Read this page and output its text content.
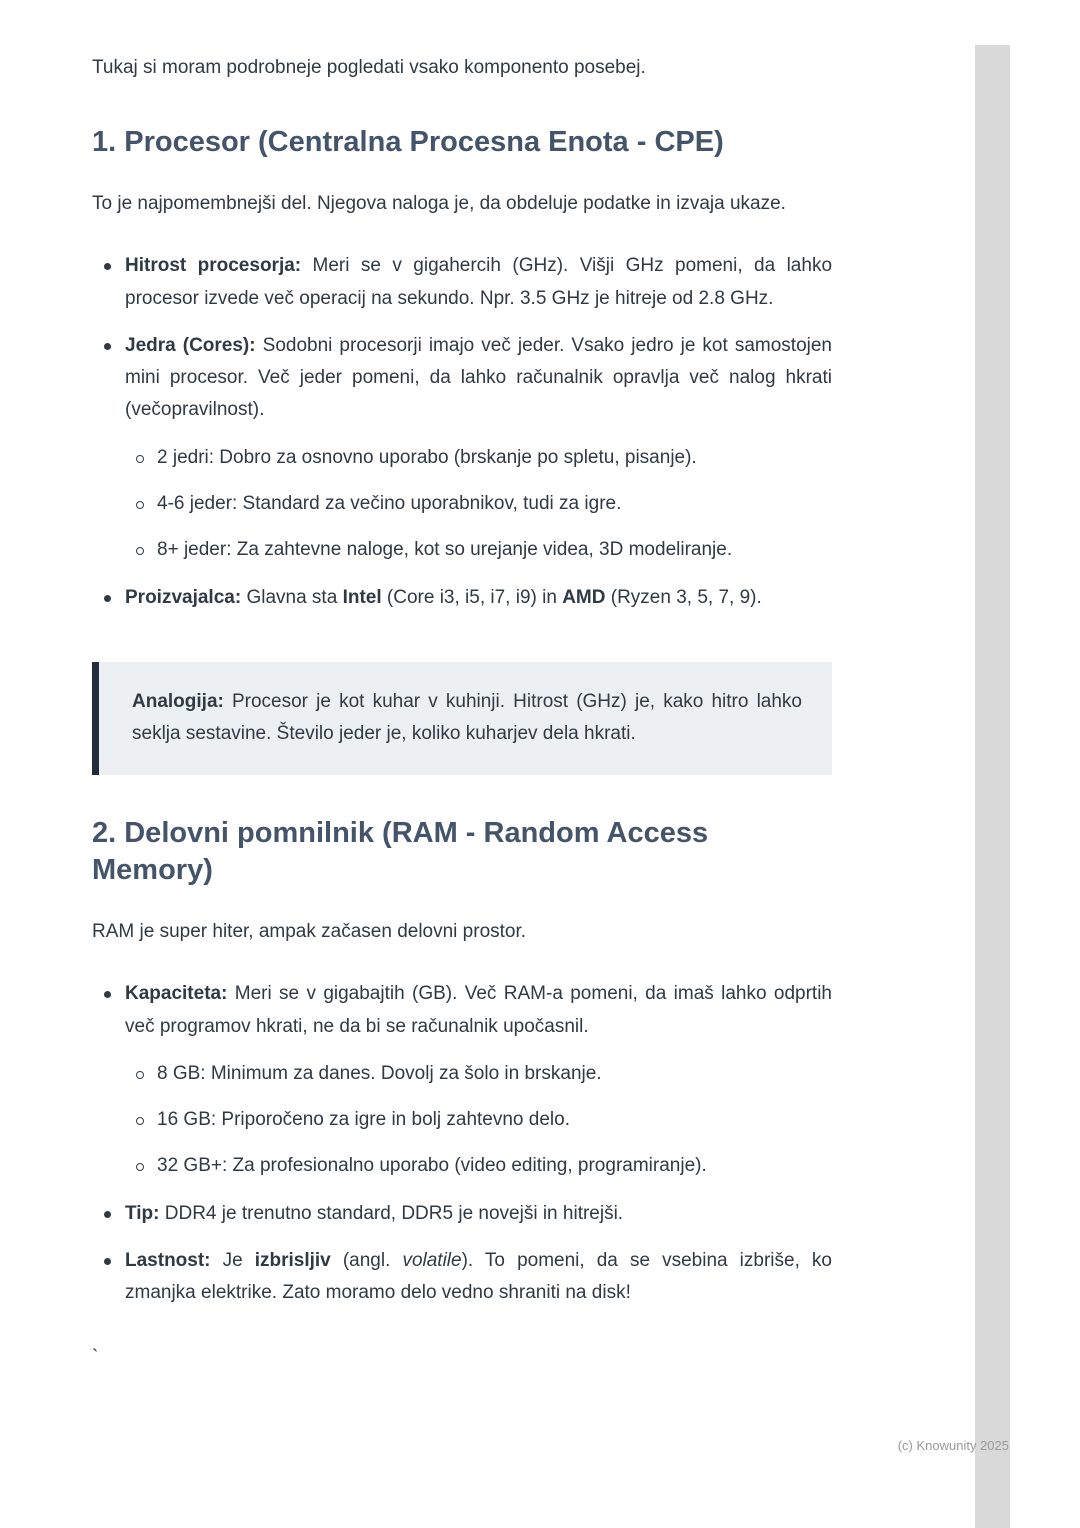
Tukaj si moram podrobneje pogledati vsako komponento posebej.

1. Procesor (Centralna Procesna Enota - CPE)

To je najpomembnejši del. Njegova naloga je, da obdeluje podatke in izvaja ukaze.

Hitrost procesorja: Meri se v gigahercih (GHz). Višji GHz pomeni, da lahko procesor izvede več operacij na sekundo. Npr. 3.5 GHz je hitreje od 2.8 GHz.

Jedra (Cores): Sodobni procesorji imajo več jeder. Vsako jedro je kot samostojen mini procesor. Več jeder pomeni, da lahko računalnik opravlja več nalog hkrati (večopravilnost).

2 jedri: Dobro za osnovno uporabo (brskanje po spletu, pisanje).

4-6 jeder: Standard za večino uporabnikov, tudi za igre.

8+ jeder: Za zahtevne naloge, kot so urejanje videa, 3D modeliranje.

Proizvajalca: Glavna sta Intel (Core i3, i5, i7, i9) in AMD (Ryzen 3, 5, 7, 9).

Analogija: Procesor je kot kuhar v kuhinji. Hitrost (GHz) je, kako hitro lahko seklja sestavine. Število jeder je, koliko kuharjev dela hkrati.

2. Delovni pomnilnik (RAM - Random Access Memory)

RAM je super hiter, ampak začasen delovni prostor.

Kapaciteta: Meri se v gigabajtih (GB). Več RAM-a pomeni, da imaš lahko odprtih več programov hkrati, ne da bi se računalnik upočasnil.

8 GB: Minimum za danes. Dovolj za šolo in brskanje.

16 GB: Priporočeno za igre in bolj zahtevno delo.

32 GB+: Za profesionalno uporabo (video editing, programiranje).

Tip: DDR4 je trenutno standard, DDR5 je novejši in hitrejši.

Lastnost: Je izbrisljiv (angl. volatile). To pomeni, da se vsebina izbriše, ko zmanjka elektrike. Zato moramo delo vedno shraniti na disk!

`

(c) Knowunity 2025
